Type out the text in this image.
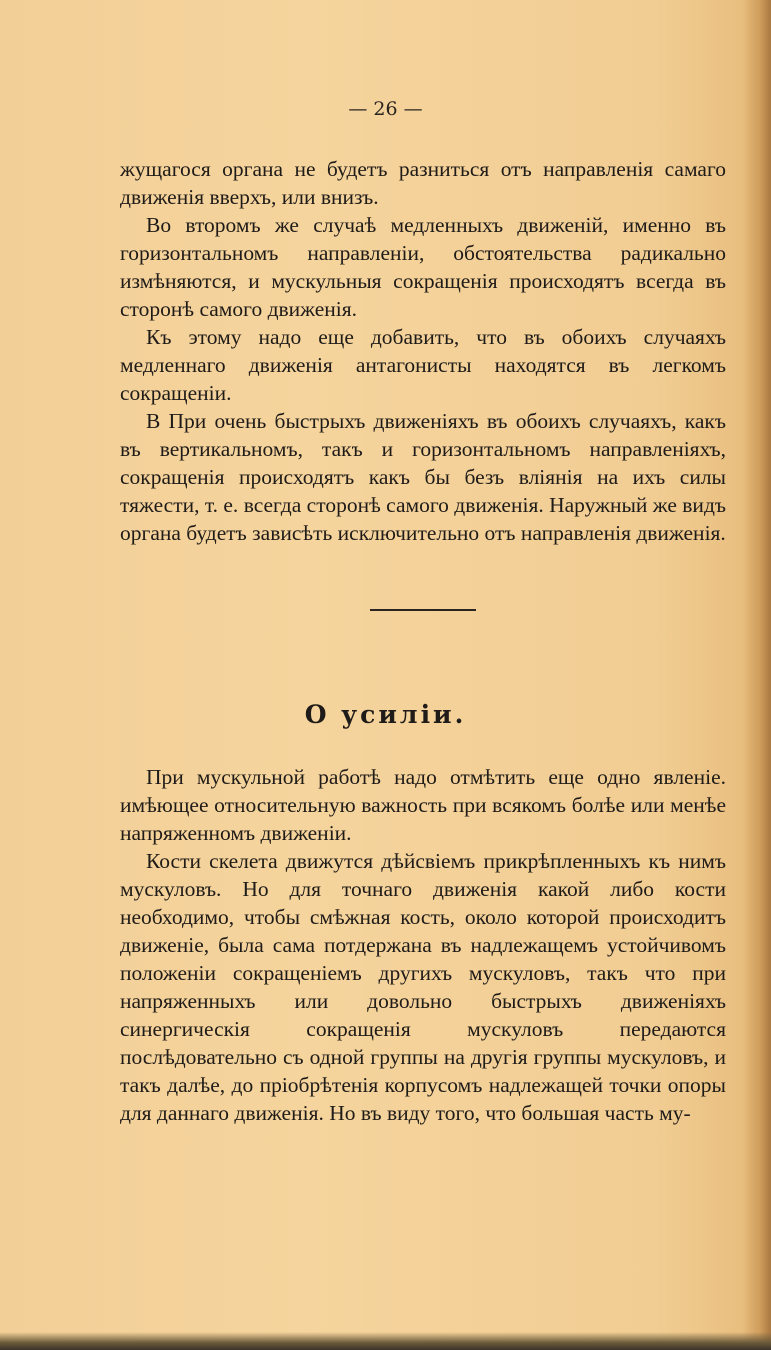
— 26 —

жущагося органа не будетъ разниться отъ направленія самаго движенія вверхъ, или внизъ.

Во второмъ же случаѣ медленныхъ движеній, именно въ горизонтальномъ направленіи, обстоятельства радикально измѣняются, и мускульныя сокращенія происходятъ всегда въ сторонѣ самого движенія.

Къ этому надо еще добавить, что въ обоихъ случаяхъ медленнаго движенія антагонисты находятся въ легкомъ сокращеніи.

В При очень быстрыхъ движеніяхъ въ обоихъ случаяхъ, какъ въ вертикальномъ, такъ и горизонтальномъ направленіяхъ, сокращенія происходятъ какъ бы безъ вліянія на ихъ силы тяжести, т. е. всегда сторонѣ самого движенія. Наружный же видъ органа будетъ зависѣть исключительно отъ направленія движенія.

О усиліи.

При мускульной работѣ надо отмѣтить еще одно явленіе. имѣющее относительную важность при всякомъ болѣе или менѣе напряженномъ движеніи.

Кости скелета движутся дѣйсвіемъ прикрѣпленныхъ къ нимъ мускуловъ. Но для точнаго движенія какой либо кости необходимо, чтобы смѣжная кость, около которой происходитъ движеніе, была сама потдержана въ надлежащемъ устойчивомъ положеніи сокращеніемъ другихъ мускуловъ, такъ что при напряженныхъ или довольно быстрыхъ движеніяхъ синергическія сокращенія мускуловъ передаются послѣдовательно съ одной группы на другія группы мускуловъ, и такъ далѣе, до пріобрѣтенія корпусомъ надлежащей точки опоры для даннаго движенія. Но въ виду того, что большая часть му-
